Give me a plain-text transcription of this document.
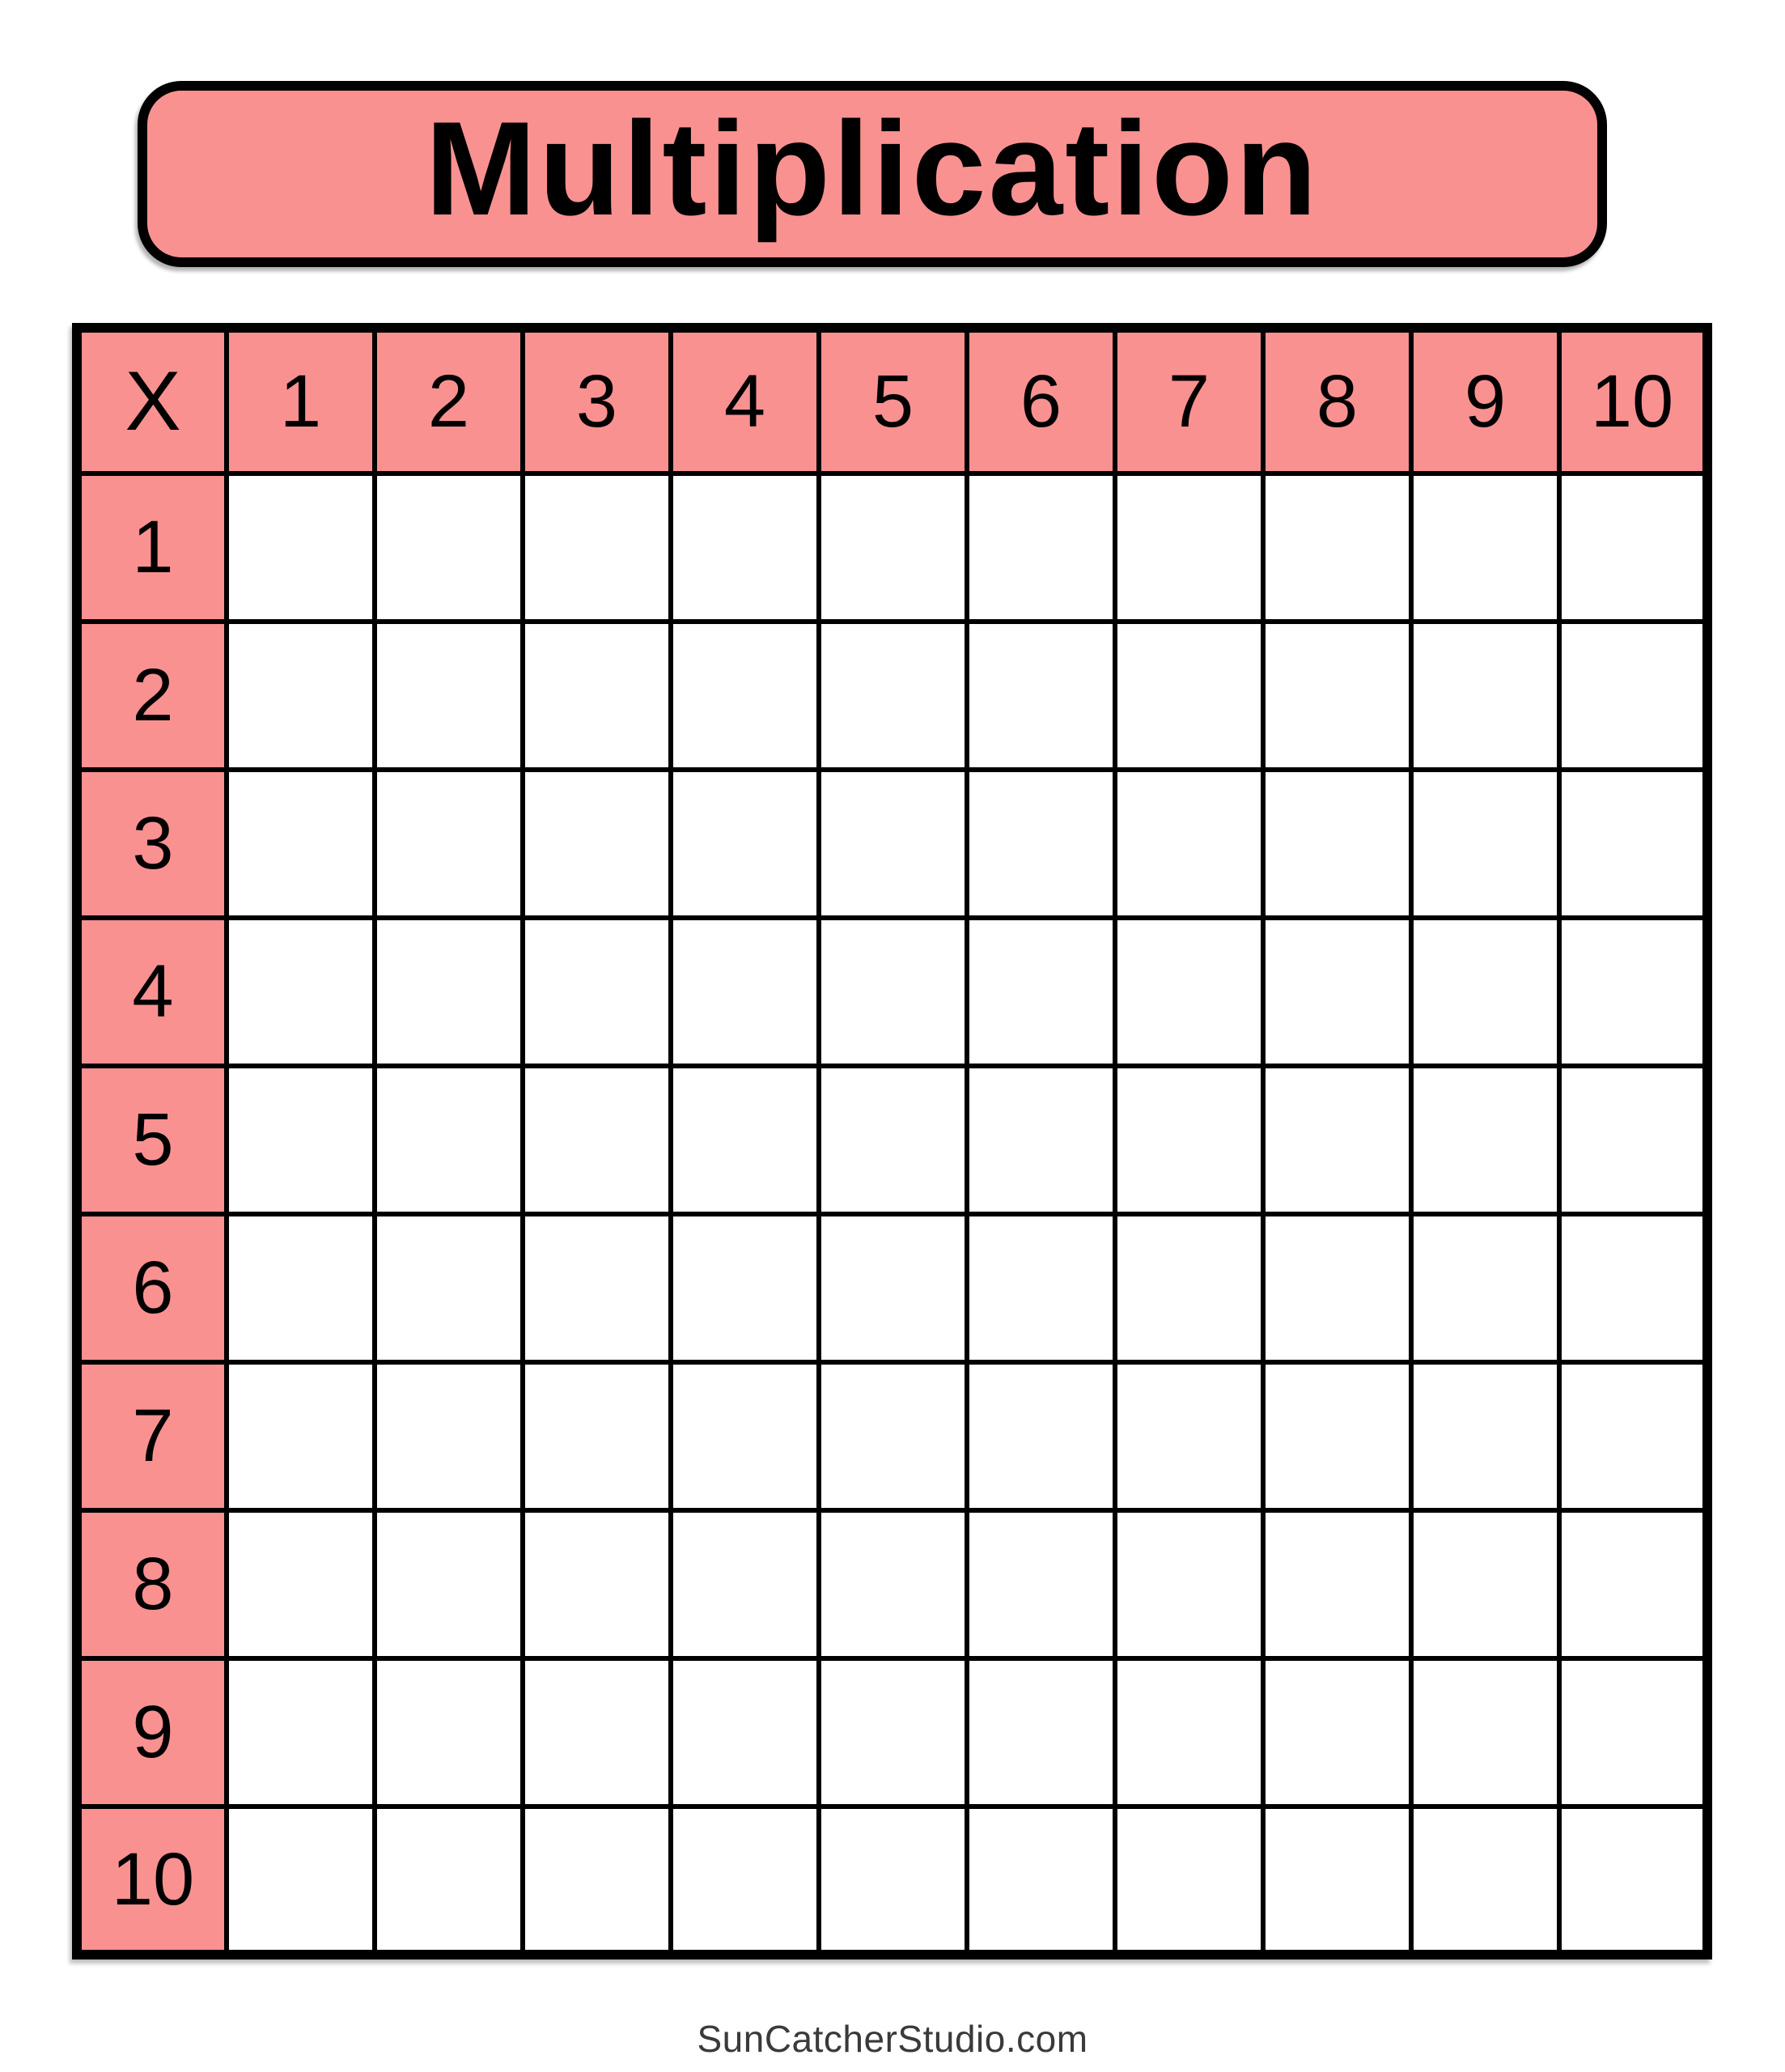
Multiplication
X	1	2	3	4	5	6	7	8	9	10
1										
2										
3										
4										
5										
6										
7										
8										
9										
10										
SunCatcherStudio.com
